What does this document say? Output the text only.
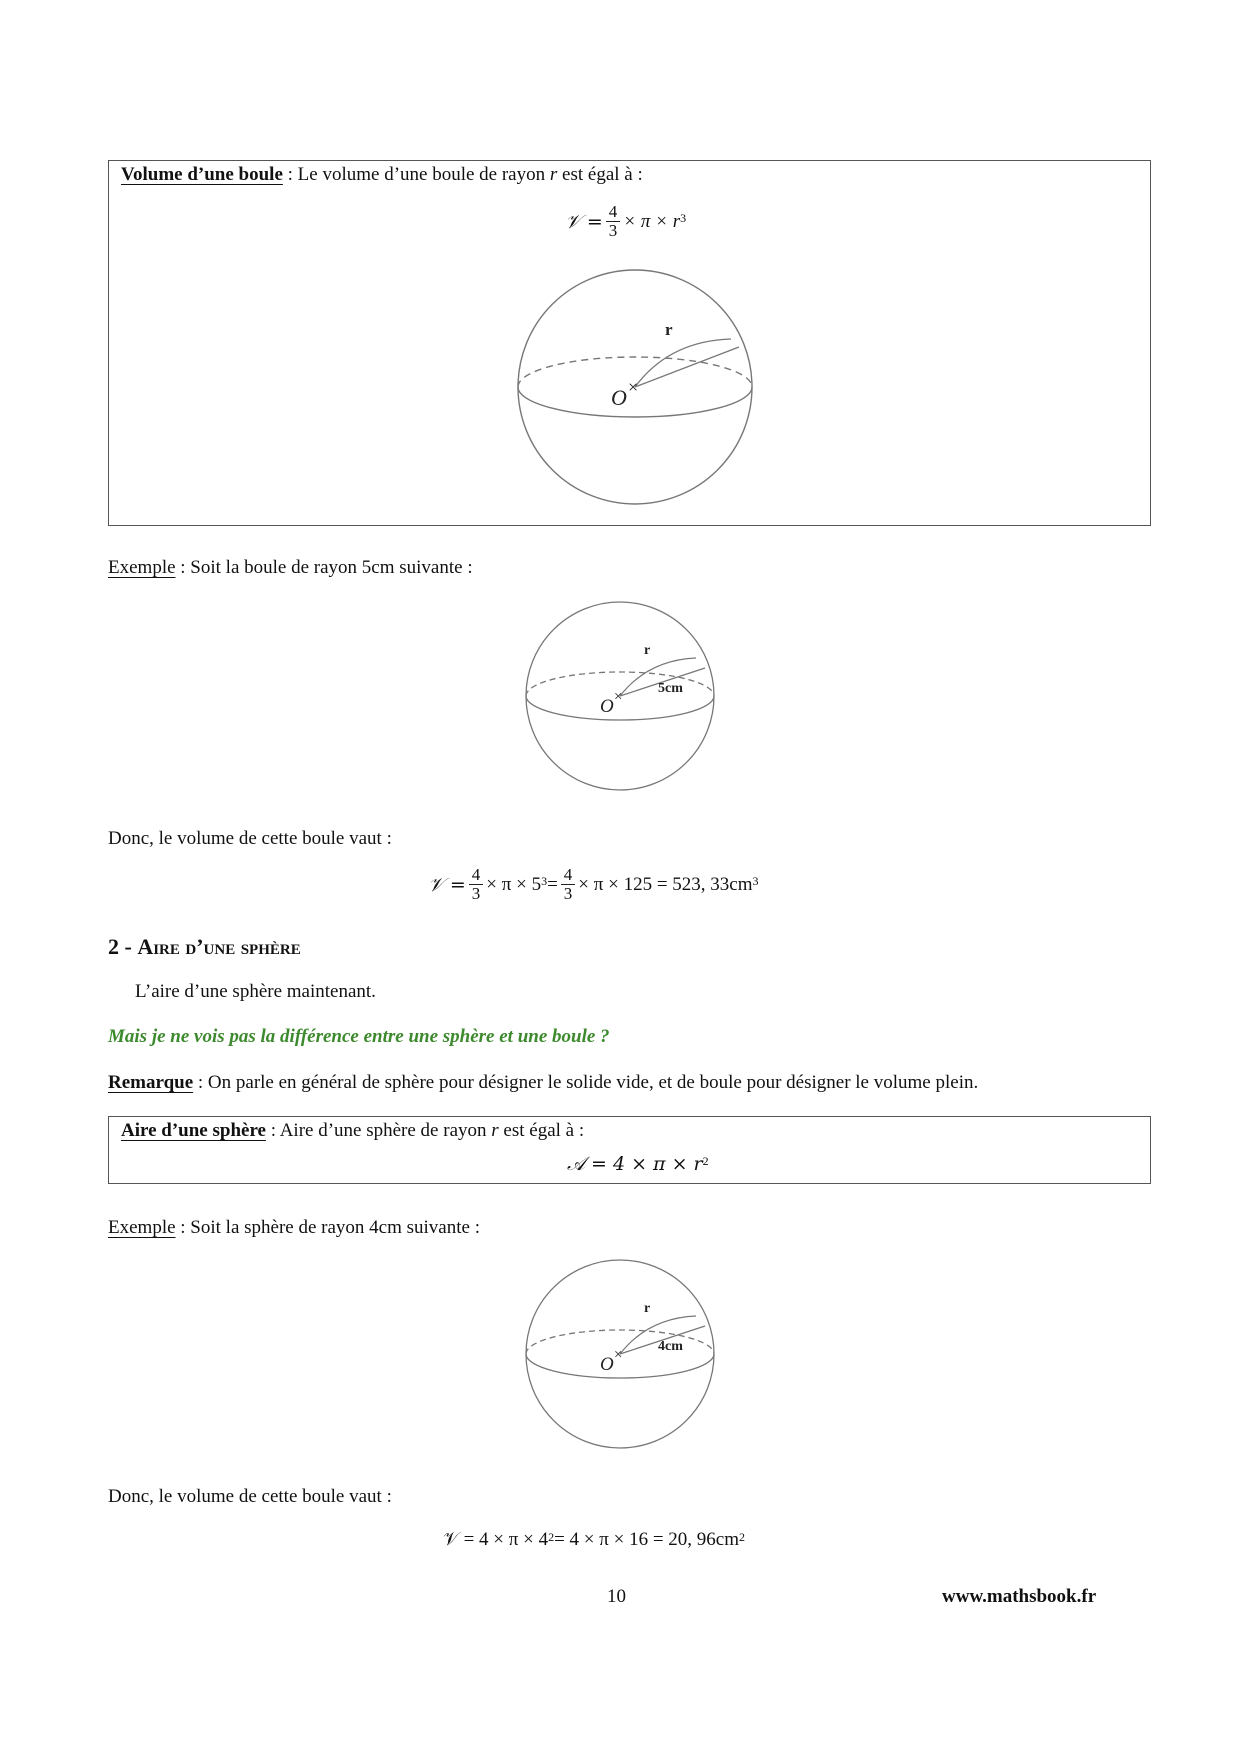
Volume d’une boule : Le volume d’une boule de rayon r est égal à :
𝒱 = $\frac{4}{3} \times \pi \times r^3$
×
O
r
Exemple : Soit la boule de rayon 5cm suivante :
×
O
r
5cm
Donc, le volume de cette boule vaut :
𝒱 = $\frac{4}{3} \times \pi \times 5^3 = \frac{4}{3} \times \pi \times 125 = 523$, $33cm^3$
2 - Aire d’une sphère
L’aire d’une sphère maintenant.
Mais je ne vois pas la différence entre une sphère et une boule ?
Remarque : On parle en général de sphère pour désigner le solide vide, et de boule pour désigner le volume plein.
Aire d’une sphère : Aire d’une sphère de rayon r est égal à :
𝒜 = $4 \times \pi \times r^2$
Exemple : Soit la sphère de rayon 4cm suivante :
×
O
r
4cm
Donc, le volume de cette boule vaut :
𝒱 = $4 \times \pi \times 4^2 = 4 \times \pi \times 16 = 20$, $96cm^2$
10	www.mathsbook.fr
